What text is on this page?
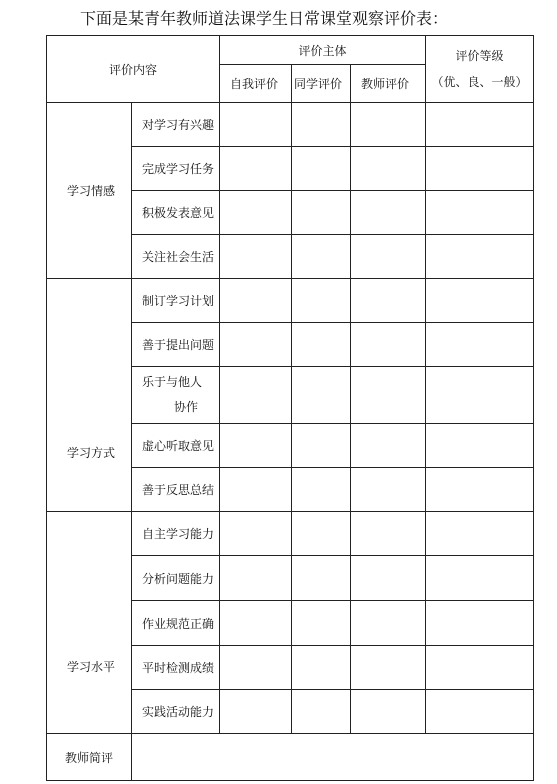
下面是某青年教师道法课学生日常课堂观察评价表：
评价内容		评价主体			评价等级
（优、良、一般）

		自我评价	同学评价	教师评价	
学习情感	对学习有兴趣				
	完成学习任务				
	积极发表意见				
	关注社会生活				
学习方式	制订学习计划				
	善于提出问题				
	乐于与他人
协作				

	虚心听取意见				
	善于反思总结				
学习水平	自主学习能力				
	分析问题能力				
	作业规范正确				
	平时检测成绩				
	实践活动能力				
教师简评					
